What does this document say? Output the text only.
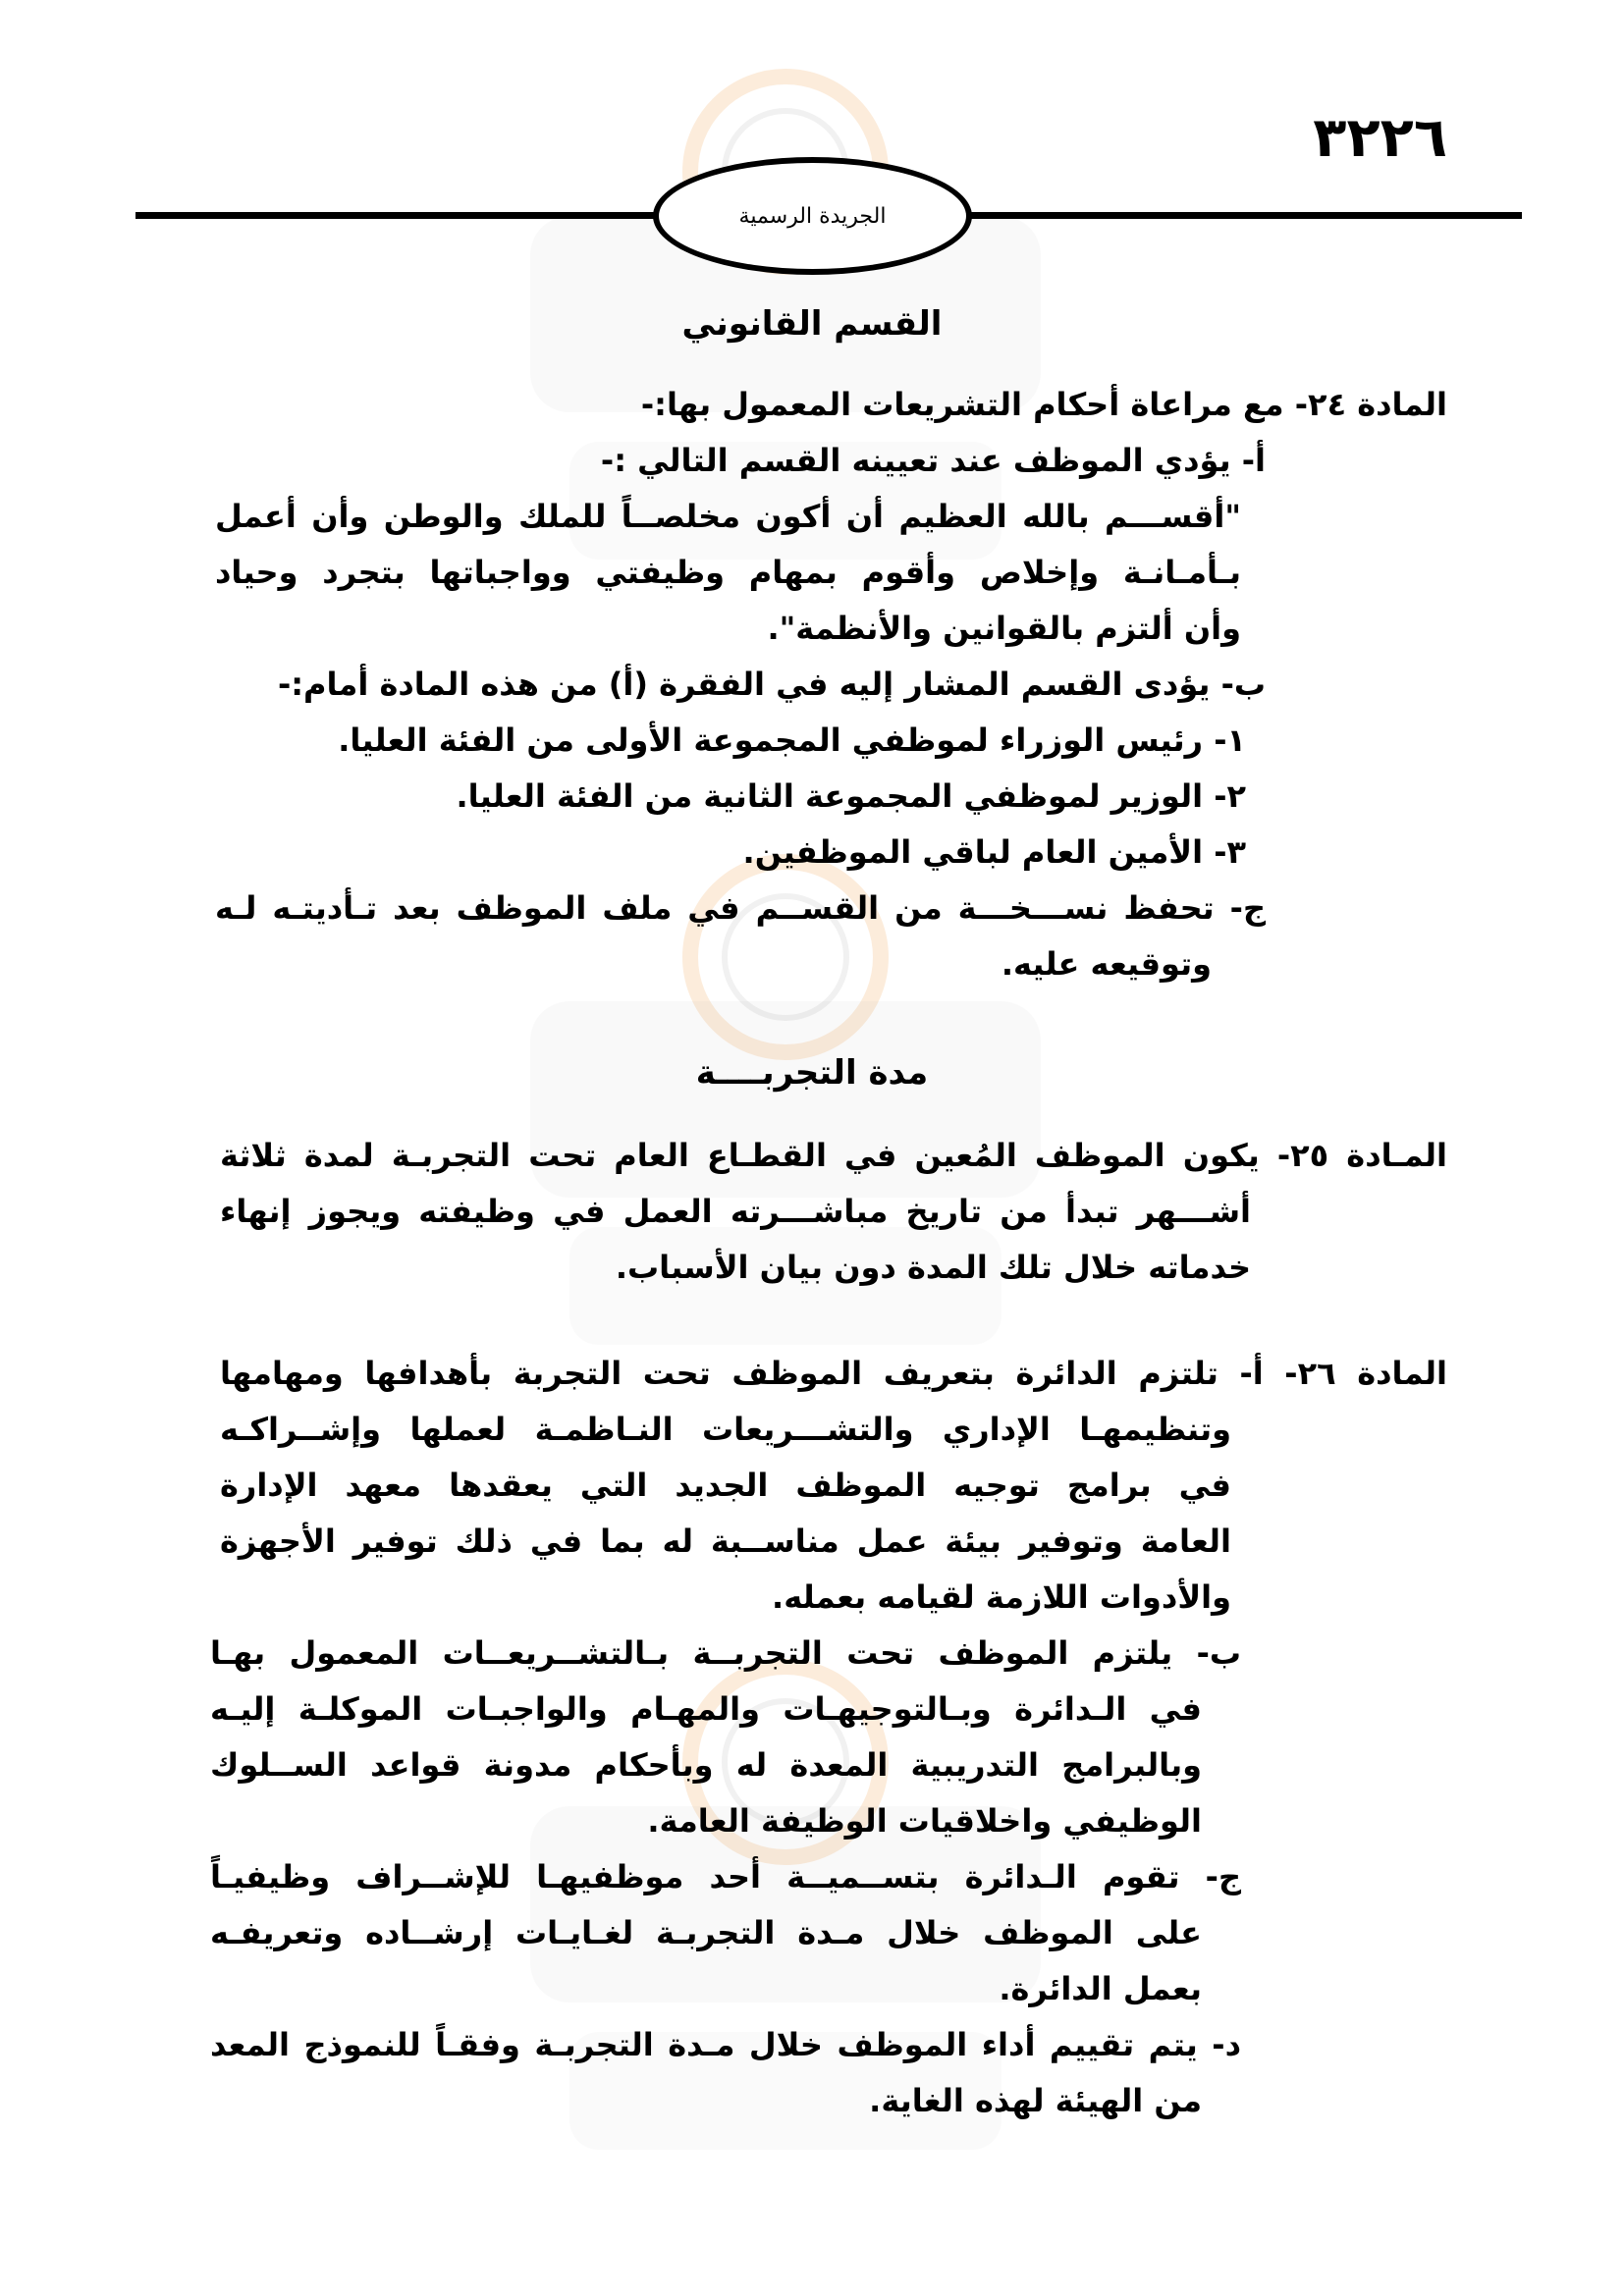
٣٢٢٦
الجريدة الرسمية
القسم القانوني
المادة ٢٤- مع مراعاة أحكام التشريعات المعمول بها:-
أ- يؤدي الموظف عند تعيينه القسم التالي :-
"أقســـم بالله العظيم أن أكون مخلصــاً للملك والوطن وأن أعمل
بـأمـانـة وإخلاص وأقوم بمهام وظيفتي وواجباتها بتجرد وحياد
وأن ألتزم بالقوانين والأنظمة".
ب- يؤدى القسم المشار إليه في الفقرة (أ) من هذه المادة أمام:-
١- رئيس الوزراء لموظفي المجموعة الأولى من الفئة العليا.
٢- الوزير لموظفي المجموعة الثانية من الفئة العليا.
٣- الأمين العام لباقي الموظفين.
ج- تحفظ نســـخـــة من القســم في ملف الموظف بعد تـأديتـه لـه
وتوقيعه عليه.
مدة التجربــــة
المـادة ٢٥- يكون الموظف المُعين في القطـاع العام تحت التجربـة لمدة ثلاثة
أشـــهر تبدأ من تاريخ مباشـــرته العمل في وظيفته ويجوز إنهاء
خدماته خلال تلك المدة دون بيان الأسباب.
المادة ٢٦- أ- تلتزم الدائرة بتعريف الموظف تحت التجربة بأهدافها ومهامها
وتنظيمهـا الإداري والتشـــريعات النـاظمـة لعملها وإشــراكـه
في برامج توجيه الموظف الجديد التي يعقدها معهد الإدارة
العامة وتوفير بيئة عمل مناســبة له بما في ذلك توفير الأجهزة
والأدوات اللازمة لقيامه بعمله.
ب- يلتزم الموظف تحت التجربــة بـالتشــريعــات المعمول بهـا
في الـدائرة وبـالتوجيهـات والمهـام والواجبـات الموكلـة إليـه
وبالبرامج التدريبية المعدة له وبأحكام مدونة قواعد الســلوك
الوظيفي واخلاقيات الوظيفة العامة.
ج- تقوم الـدائرة بتســميــة أحد موظفيهـا للإشــراف وظيفيـاً
على الموظف خلال مـدة التجربـة لغـايـات إرشــاده وتعريفـه
بعمل الدائرة.
د- يتم تقييم أداء الموظف خلال مـدة التجربـة وفقـاً للنموذج المعد
من الهيئة لهذه الغاية.
